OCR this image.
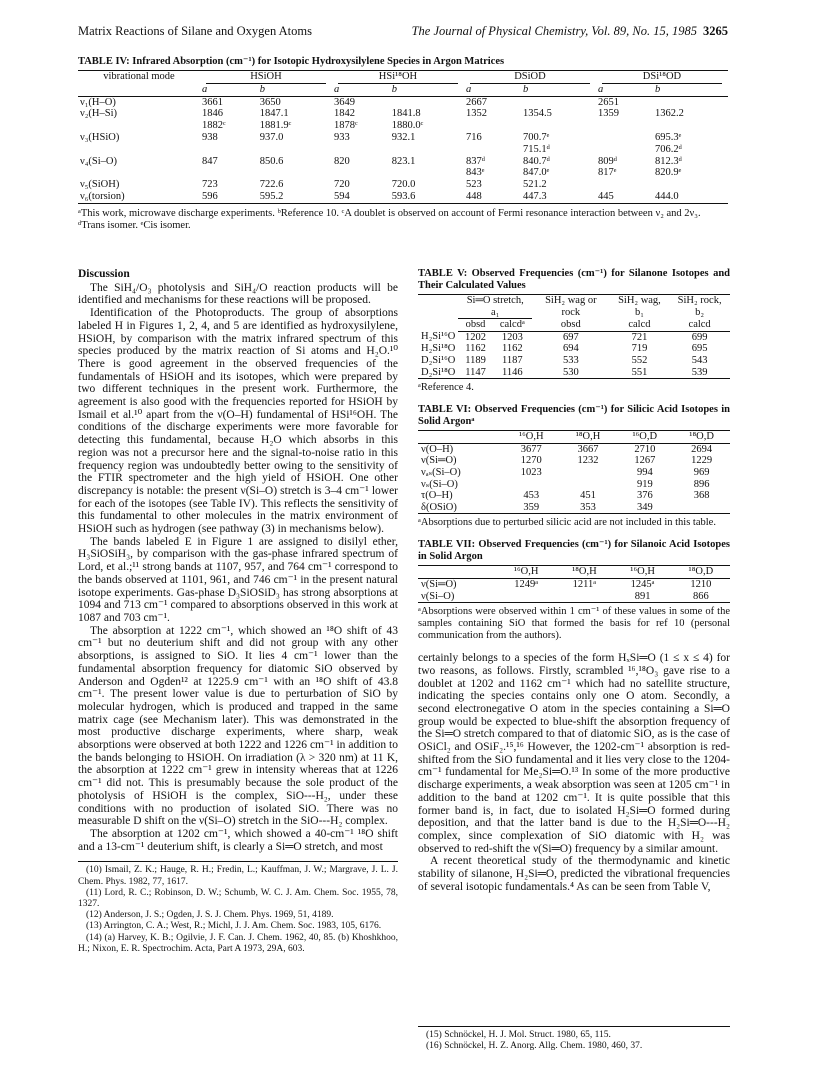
Matrix Reactions of Silane and Oxygen Atoms	The Journal of Physical Chemistry, Vol. 89, No. 15, 1985 3265
TABLE IV: Infrared Absorption (cm⁻¹) for Isotopic Hydroxysilylene Species in Argon Matrices
vibrational mode	HSiOH		HSi¹⁸OH		DSiOD		DSi¹⁸OD	
	a	b	a	b	a	b	a	b
ν₁(H–O)	3661	3650	3649		2667		2651	
ν₂(H–Si)	1846	1847.1	1842	1841.8	1352	1354.5	1359	1362.2
	1882ᶜ	1881.9ᶜ	1878ᶜ	1880.0ᶜ				
ν₃(HSiO)	938	937.0	933	932.1	716	700.7ᵉ		695.3ᵉ
						715.1ᵈ		706.2ᵈ
ν₄(Si–O)	847	850.6	820	823.1	837ᵈ	840.7ᵈ	809ᵈ	812.3ᵈ
					843ᵉ	847.0ᵉ	817ᵉ	820.9ᵉ
ν₅(SiOH)	723	722.6	720	720.0	523	521.2		
ν₆(torsion)	596	595.2	594	593.6	448	447.3	445	444.0
ᵃThis work, microwave discharge experiments. ᵇReference 10. ᶜA doublet is observed on account of Fermi resonance interaction between ν₂ and 2ν₃. ᵈTrans isomer. ᵉCis isomer.
Discussion

The SiH₄/O₃ photolysis and SiH₄/O reaction products will be identified and mechanisms for these reactions will be proposed.

Identification of the Photoproducts. The group of absorptions labeled H in Figures 1, 2, 4, and 5 are identified as hydroxysilylene, HSiOH, by comparison with the matrix infrared spectrum of this species produced by the matrix reaction of Si atoms and H₂O.¹⁰ There is good agreement in the observed frequencies of the fundamentals of HSiOH and its isotopes, which were prepared by two different techniques in the present work. Furthermore, the agreement is also good with the frequencies reported for HSiOH by Ismail et al.¹⁰ apart from the ν(O–H) fundamental of HSi¹⁶OH. The conditions of the discharge experiments were more favorable for detecting this fundamental, because H₂O which absorbs in this region was not a precursor here and the signal-to-noise ratio in this frequency region was undoubtedly better owing to the sensitivity of the FTIR spectrometer and the high yield of HSiOH. One other discrepancy is notable: the present ν(Si–O) stretch is 3–4 cm⁻¹ lower for each of the isotopes (see Table IV). This reflects the sensitivity of this fundamental to other molecules in the matrix environment of HSiOH such as hydrogen (see pathway (3) in mechanisms below).

The bands labeled E in Figure 1 are assigned to disilyl ether, H₃SiOSiH₃, by comparison with the gas-phase infrared spectrum of Lord, et al.;¹¹ strong bands at 1107, 957, and 764 cm⁻¹ correspond to the bands observed at 1101, 961, and 746 cm⁻¹ in the present natural isotope experiments. Gas-phase D₃SiOSiD₃ has strong absorptions at 1094 and 713 cm⁻¹ compared to absorptions observed in this work at 1087 and 703 cm⁻¹.

The absorption at 1222 cm⁻¹, which showed an ¹⁸O shift of 43 cm⁻¹ but no deuterium shift and did not group with any other absorptions, is assigned to SiO. It lies 4 cm⁻¹ lower than the fundamental absorption frequency for diatomic SiO observed by Anderson and Ogden¹² at 1225.9 cm⁻¹ with an ¹⁸O shift of 43.8 cm⁻¹. The present lower value is due to perturbation of SiO by molecular hydrogen, which is produced and trapped in the same matrix cage (see Mechanism later). This was demonstrated in the most productive discharge experiments, where sharp, weak absorptions were observed at both 1222 and 1226 cm⁻¹ in addition to the bands belonging to HSiOH. On irradiation (λ > 320 nm) at 11 K, the absorption at 1222 cm⁻¹ grew in intensity whereas that at 1226 cm⁻¹ did not. This is presumably because the sole product of the photolysis of HSiOH is the complex, SiO---H₂, under these conditions with no production of isolated SiO. There was no measurable D shift on the ν(Si–O) stretch in the SiO---H₂ complex.

The absorption at 1202 cm⁻¹, which showed a 40-cm⁻¹ ¹⁸O shift and a 13-cm⁻¹ deuterium shift, is clearly a Si═O stretch, and most

(10) Ismail, Z. K.; Hauge, R. H.; Fredin, L.; Kauffman, J. W.; Margrave, J. L. J. Chem. Phys. 1982, 77, 1617.
(11) Lord, R. C.; Robinson, D. W.; Schumb, W. C. J. Am. Chem. Soc. 1955, 78, 1327.
(12) Anderson, J. S.; Ogden, J. S. J. Chem. Phys. 1969, 51, 4189.
(13) Arrington, C. A.; West, R.; Michl, J. J. Am. Chem. Soc. 1983, 105, 6176.
(14) (a) Harvey, K. B.; Ogilvie, J. F. Can. J. Chem. 1962, 40, 85. (b) Khoshkhoo, H.; Nixon, E. R. Spectrochim. Acta, Part A 1973, 29A, 603.
TABLE V: Observed Frequencies (cm⁻¹) for Silanone Isotopes and Their Calculated Values
	Si═O stretch, a₁		SiH₂ wag or rock	SiH₂ wag, b₁	SiH₂ rock, b₂
	obsd	calcdᵃ	obsd	calcd	calcd
H₂Si¹⁶O	1202	1203	697	721	699
H₂Si¹⁸O	1162	1162	694	719	695
D₂Si¹⁶O	1189	1187	533	552	543
D₂Si¹⁸O	1147	1146	530	551	539
ᵃReference 4.
TABLE VI: Observed Frequencies (cm⁻¹) for Silicic Acid Isotopes in Solid Argonᵃ
	¹⁶O,H	¹⁸O,H	¹⁶O,D	¹⁸O,D
ν(O–H)	3677	3667	2710	2694
ν(Si═O)	1270	1232	1267	1229
νₐₛ(Si–O)	1023		994	969
νₛ(Si–O)			919	896
τ(O–H)	453	451	376	368
δ(OSiO)	359	353	349	
ᵃAbsorptions due to perturbed silicic acid are not included in this table.
TABLE VII: Observed Frequencies (cm⁻¹) for Silanoic Acid Isotopes in Solid Argon
	¹⁶O,H	¹⁸O,H	¹⁶O,H	¹⁸O,D
ν(Si═O)	1249ᵃ	1211ᵃ	1245ᵃ	1210
ν(Si–O)			891	866
ᵃAbsorptions were observed within 1 cm⁻¹ of these values in some of the samples containing SiO that formed the basis for ref 10 (personal communication from the authors).

certainly belongs to a species of the form HₓSi═O (1 ≤ x ≤ 4) for two reasons, as follows. Firstly, scrambled ¹⁶,¹⁸O₃ gave rise to a doublet at 1202 and 1162 cm⁻¹ which had no satellite structure, indicating the species contains only one O atom. Secondly, a second electronegative O atom in the species containing a Si═O group would be expected to blue-shift the absorption frequency of the Si═O stretch compared to that of diatomic SiO, as is the case of OSiCl₂ and OSiF₂.¹⁵,¹⁶ However, the 1202-cm⁻¹ absorption is red-shifted from the SiO fundamental and it lies very close to the 1204-cm⁻¹ fundamental for Me₂Si═O.¹³ In some of the more productive discharge experiments, a weak absorption was seen at 1205 cm⁻¹ in addition to the band at 1202 cm⁻¹. It is quite possible that this former band is, in fact, due to isolated H₂Si═O formed during deposition, and that the latter band is due to the H₂Si═O---H₂ complex, since complexation of SiO diatomic with H₂ was observed to red-shift the ν(Si═O) frequency by a similar amount.

A recent theoretical study of the thermodynamic and kinetic stability of silanone, H₂Si═O, predicted the vibrational frequencies of several isotopic fundamentals.⁴ As can be seen from Table V,

(15) Schnöckel, H. J. Mol. Struct. 1980, 65, 115.
(16) Schnöckel, H. Z. Anorg. Allg. Chem. 1980, 460, 37.
